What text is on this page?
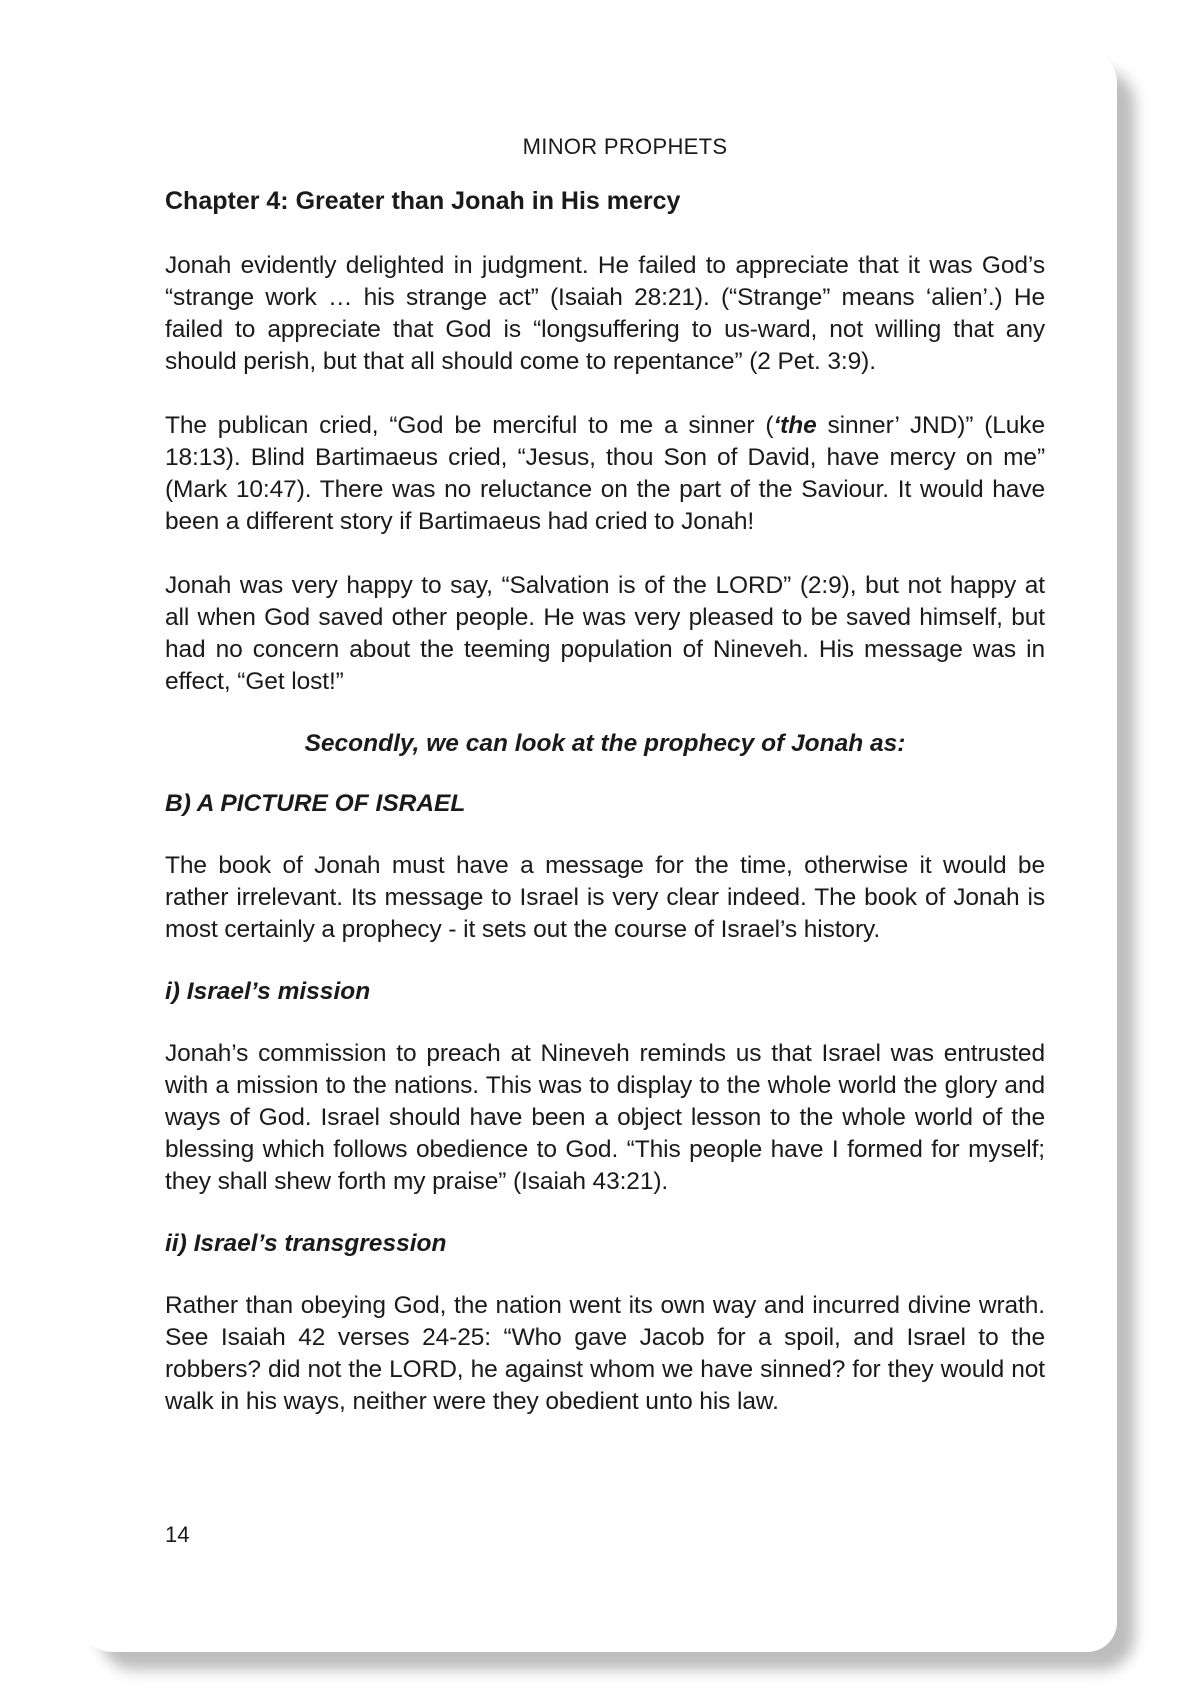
MINOR PROPHETS
Chapter 4: Greater than Jonah in His mercy

Jonah evidently delighted in judgment. He failed to appreciate that it was God’s “strange work … his strange act” (Isaiah 28:21). (“Strange” means ‘alien’.) He failed to appreciate that God is “longsuffering to us-ward, not willing that any should perish, but that all should come to repentance” (2 Pet. 3:9).

The publican cried, “God be merciful to me a sinner (‘the sinner’ JND)” (Luke 18:13). Blind Bartimaeus cried, “Jesus, thou Son of David, have mercy on me” (Mark 10:47). There was no reluctance on the part of the Saviour. It would have been a different story if Bartimaeus had cried to Jonah!

Jonah was very happy to say, “Salvation is of the LORD” (2:9), but not happy at all when God saved other people. He was very pleased to be saved himself, but had no concern about the teeming population of Nineveh. His message was in effect, “Get lost!”

Secondly, we can look at the prophecy of Jonah as:
B) A PICTURE OF ISRAEL

The book of Jonah must have a message for the time, otherwise it would be rather irrelevant. Its message to Israel is very clear indeed. The book of Jonah is most certainly a prophecy - it sets out the course of Israel’s history.

i) Israel’s mission

Jonah’s commission to preach at Nineveh reminds us that Israel was entrusted with a mission to the nations. This was to display to the whole world the glory and ways of God. Israel should have been a object lesson to the whole world of the blessing which follows obedience to God. “This people have I formed for myself; they shall shew forth my praise” (Isaiah 43:21).

ii) Israel’s transgression

Rather than obeying God, the nation went its own way and incurred divine wrath. See Isaiah 42 verses 24-25: “Who gave Jacob for a spoil, and Israel to the robbers? did not the LORD, he against whom we have sinned? for they would not walk in his ways, neither were they obedient unto his law.

14
